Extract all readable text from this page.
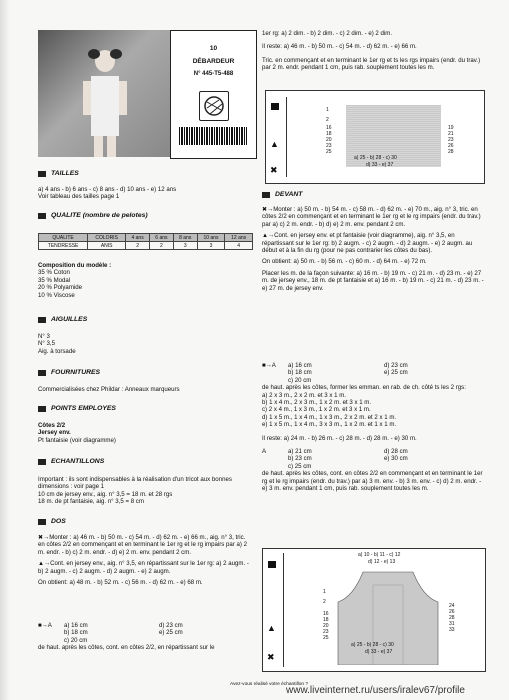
10
DÉBARDEUR
N° 445-T5-488
TAILLES
a) 4 ans - b) 6 ans - c) 8 ans - d) 10 ans - e) 12 ans
Voir tableau des tailles page 1
QUALITE (nombre de pelotes)
QUALITE	COLORIS	4 ans	6 ans	8 ans	10 ans	12 ans
TENDRESSE	ANIS	2	2	3	3	4
Composition du modèle :
35 % Coton
35 % Modal
20 % Polyamide
10 % Viscose
AIGUILLES
N° 3
N° 3,5
Aig. à torsade
FOURNITURES
Commercialisées chez Phildar : Anneaux marqueurs
POINTS EMPLOYES
Côtes 2/2
Jersey env.
Pt fantaisie (voir diagramme)
ECHANTILLONS
Important : ils sont indispensables à la réalisation d'un tricot aux bonnes dimensions : voir page 1
10 cm de jersey env., aig. n° 3,5 = 18 m. et 28 rgs
18 m. de pt fantaisie, aig. n° 3,5 = 8 cm
DOS
✖→Monter : a) 46 m. - b) 50 m. - c) 54 m. - d) 62 m. - e) 66 m., aig. n° 3, tric. en côtes 2/2 en commençant et en terminant le 1er rg et le rg impairs par a) 2 m. endr. - b) c) 2 m. endr. - d) e) 2 m. env. pendant 2 cm.
▲→Cont. en jersey env., aig. n° 3,5, en répartissant sur le 1er rg: a) 2 augm. - b) 2 augm. - c) 2 augm. - d) 2 augm. - e) 2 augm.
On obtient: a) 48 m. - b) 52 m. - c) 56 m. - d) 62 m. - e) 68 m.
■→A	a) 16 cm
b) 18 cm
c) 20 cm
d) 23 cm
e) 25 cm
de haut. après les côtes, cont. en côtes 2/2, en répartissant sur le
1er rg: a) 2 dim. - b) 2 dim. - c) 2 dim. - e) 2 dim.
Il reste: a) 46 m. - b) 50 m. - c) 54 m. - d) 62 m. - e) 66 m.
Tric. en commençant et en terminant le 1er rg et ts les rgs impairs (endr. du trav.) par 2 m. endr. pendant 1 cm, puis rab. souplement toutes les m.
▲
✖
1
2
16
18
20
23
25
19
21
23
26
28
a) 25 - b) 28 - c) 30
d) 33 - e) 37
DEVANT
✖→Monter : a) 50 m. - b) 54 m. - c) 58 m. - d) 62 m. - e) 70 m., aig. n° 3, tric. en côtes 2/2 en commençant et en terminant le 1er rg et le rg impairs (endr. du trav.) par a) c) 2 m. endr. - b) d) e) 2 m. env. pendant 2 cm.
▲→Cont. en jersey env. et pt fantaisie (voir diagramme), aig. n° 3,5, en répartissant sur le 1er rg: b) 2 augm. - c) 2 augm. - d) 2 augm. - e) 2 augm. au début et à la fin du rg (pour ne pas contrarier les côtes du bas).
On obtient: a) 50 m. - b) 56 m. - c) 60 m. - d) 64 m. - e) 72 m.
Placer les m. de la façon suivante: a) 16 m. - b) 19 m. - c) 21 m. - d) 23 m. - e) 27 m. de jersey env., 18 m. de pt fantaisie et a) 16 m. - b) 19 m. - c) 21 m. - d) 23 m. - e) 27 m. de jersey env.
■→A	a) 16 cm
b) 18 cm
c) 20 cm
d) 23 cm
e) 25 cm
de haut. après les côtes, former les emman. en rab. de ch. côté ts les 2 rgs:
a) 2 x 3 m., 2 x 2 m. et 3 x 1 m.
b) 1 x 4 m., 2 x 3 m., 1 x 2 m. et 3 x 1 m.
c) 2 x 4 m., 1 x 3 m., 1 x 2 m. et 3 x 1 m.
d) 1 x 5 m., 1 x 4 m., 1 x 3 m., 2 x 2 m. et 2 x 1 m.
e) 1 x 5 m., 1 x 4 m., 3 x 3 m., 1 x 2 m. et 1 x 1 m.
Il reste: a) 24 m. - b) 26 m. - c) 28 m. - d) 28 m. - e) 30 m.
A	a) 21 cm
b) 23 cm
c) 25 cm
d) 28 cm
e) 30 cm
de haut. après les côtes, cont. en côtes 2/2 en commençant et en terminant le 1er rg et le rg impairs (endr. du trav.) par a) 3 m. env. - b) 3 m. env. - c) d) 2 m. endr. - e) 3 m. env. pendant 1 cm, puis rab. souplement toutes les m.
▲
✖
a) 10 - b) 11 - c) 12
d) 12 - e) 13
1
2
16
18
20
23
25
24
26
28
31
33
a) 25 - b) 28 - c) 30
d) 33 - e) 37
Avez-vous réalisé votre échantillon ?
www.liveinternet.ru/users/iralev67/profile
